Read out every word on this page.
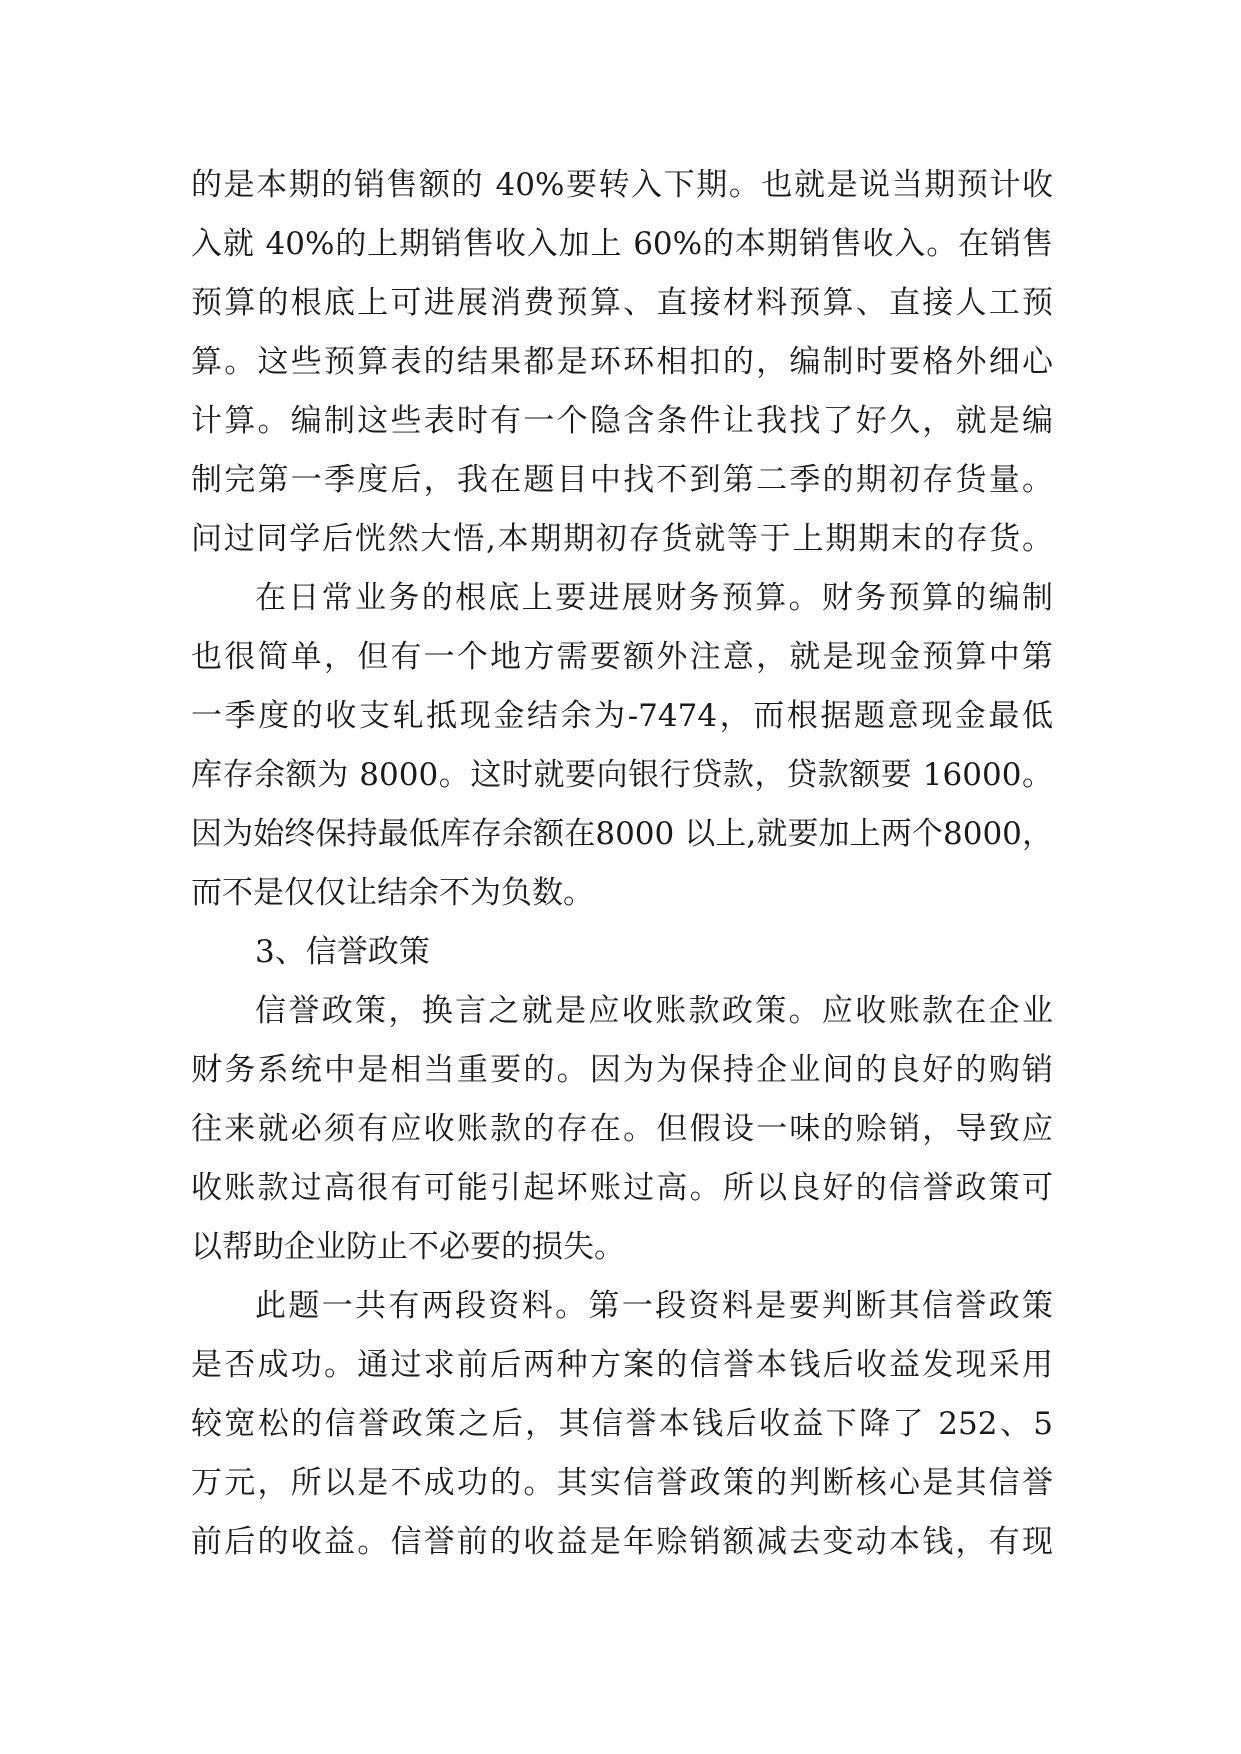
的是本期的销售额的 40%要转入下期。也就是说当期预计收
入就 40%的上期销售收入加上 60%的本期销售收入。在销售
预算的根底上可进展消费预算、直接材料预算、直接人工预
算。这些预算表的结果都是环环相扣的，编制时要格外细心
计算。编制这些表时有一个隐含条件让我找了好久，就是编
制完第一季度后，我在题目中找不到第二季的期初存货量。
问过同学后恍然大悟,本期期初存货就等于上期期末的存货。
在日常业务的根底上要进展财务预算。财务预算的编制
也很简单，但有一个地方需要额外注意，就是现金预算中第
一季度的收支轧抵现金结余为-7474，而根据题意现金最低
库存余额为 8000。这时就要向银行贷款，贷款额要 16000。
因为始终保持最低库存余额在8000 以上,就要加上两个8000，
而不是仅仅让结余不为负数。
3、信誉政策
信誉政策，换言之就是应收账款政策。应收账款在企业
财务系统中是相当重要的。因为为保持企业间的良好的购销
往来就必须有应收账款的存在。但假设一味的赊销，导致应
收账款过高很有可能引起坏账过高。所以良好的信誉政策可
以帮助企业防止不必要的损失。
此题一共有两段资料。第一段资料是要判断其信誉政策
是否成功。通过求前后两种方案的信誉本钱后收益发现采用
较宽松的信誉政策之后，其信誉本钱后收益下降了 252、5
万元，所以是不成功的。其实信誉政策的判断核心是其信誉
前后的收益。信誉前的收益是年赊销额减去变动本钱，有现
